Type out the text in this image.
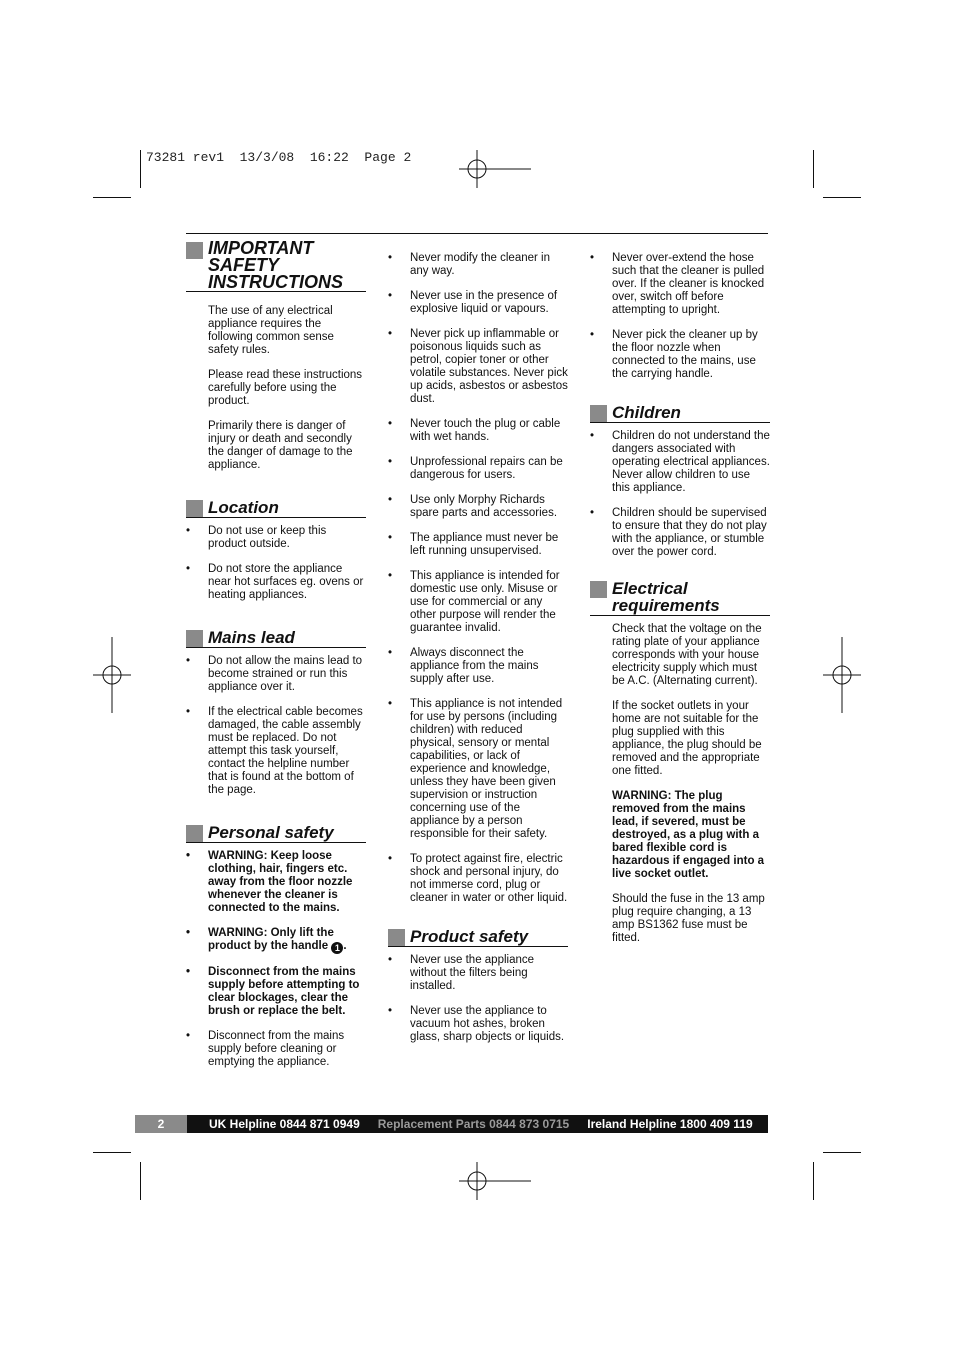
73281 rev1  13/3/08  16:22  Page 2
IMPORTANT
SAFETY
INSTRUCTIONS
The use of any electrical appliance requires the following common sense safety rules.
Please read these instructions carefully before using the product.
Primarily there is danger of injury or death and secondly the danger of damage to the appliance.
Location
• Do not use or keep this product outside.
• Do not store the appliance near hot surfaces eg. ovens or heating appliances.
Mains lead
• Do not allow the mains lead to become strained or run this appliance over it.
• If the electrical cable becomes damaged, the cable assembly must be replaced. Do not attempt this task yourself, contact the helpline number that is found at the bottom of the page.
Personal safety
• WARNING: Keep loose clothing, hair, fingers etc. away from the floor nozzle whenever the cleaner is connected to the mains.
• WARNING: Only lift the product by the handle 1 .
• Disconnect from the mains supply before attempting to clear blockages, clear the brush or replace the belt.
• Disconnect from the mains supply before cleaning or emptying the appliance.
• Never modify the cleaner in any way.
• Never use in the presence of explosive liquid or vapours.
• Never pick up inflammable or poisonous liquids such as petrol, copier toner or other volatile substances. Never pick up acids, asbestos or asbestos dust.
• Never touch the plug or cable with wet hands.
• Unprofessional repairs can be dangerous for users.
• Use only Morphy Richards spare parts and accessories.
• The appliance must never be left running unsupervised.
• This appliance is intended for domestic use only. Misuse or use for commercial or any other purpose will render the guarantee invalid.
• Always disconnect the appliance from the mains supply after use.
• This appliance is not intended for use by persons (including children) with reduced physical, sensory or mental capabilities, or lack of experience and knowledge, unless they have been given supervision or instruction concerning use of the appliance by a person responsible for their safety.
• To protect against fire, electric shock and personal injury, do not immerse cord, plug or cleaner in water or other liquid.
Product safety
• Never use the appliance without the filters being installed.
• Never use the appliance to vacuum hot ashes, broken glass, sharp objects or liquids.
• Never over-extend the hose such that the cleaner is pulled over. If the cleaner is knocked over, switch off before attempting to upright.
• Never pick the cleaner up by the floor nozzle when connected to the mains, use the carrying handle.
Children
• Children do not understand the dangers associated with operating electrical appliances. Never allow children to use this appliance.
• Children should be supervised to ensure that they do not play with the appliance, or stumble over the power cord.
Electrical
requirements
Check that the voltage on the rating plate of your appliance corresponds with your house electricity supply which must be A.C. (Alternating current).
If the socket outlets in your home are not suitable for the plug supplied with this appliance, the plug should be removed and the appropriate one fitted.
WARNING: The plug removed from the mains lead, if severed, must be destroyed, as a plug with a bared flexible cord is hazardous if engaged into a live socket outlet.
Should the fuse in the 13 amp plug require changing, a 13 amp BS1362 fuse must be fitted.
2	UK Helpline 0844 871 0949 Replacement Parts 0844 873 0715 Ireland Helpline 1800 409 119
